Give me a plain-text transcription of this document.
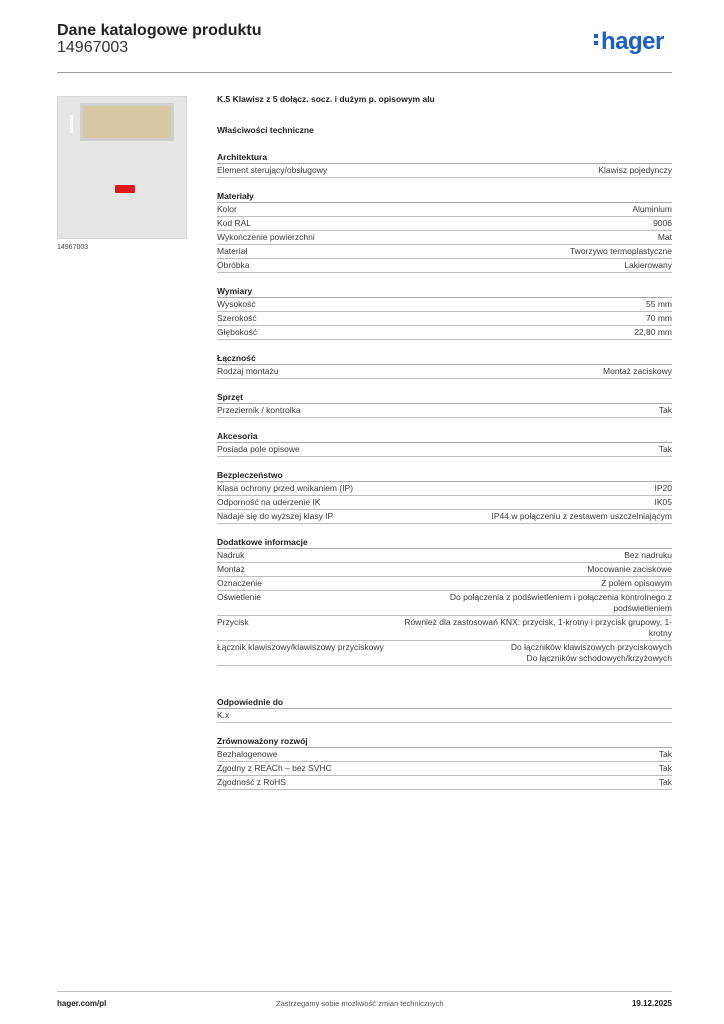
Dane katalogowe produktu
14967003	hager
14967003
K.5 Klawisz z 5 dołącz. socz. i dużym p. opisowym alu
Właściwości techniczne
Architektura
Element sterujący/obsługowy	Klawisz pojedynczy
Materiały
Kolor	Aluminium
Kod RAL	9006
Wykończenie powierzchni	Mat
Materiał	Tworzywo termoplastyczne
Obróbka	Lakierowany
Wymiary
Wysokość	55 mm
Szerokość	70 mm
Głębokość	22,80 mm
Łączność
Rodzaj montażu	Montaż zaciskowy
Sprzęt
Przeziernik / kontrolka	Tak
Akcesoria
Posiada pole opisowe	Tak
Bezpieczeństwo
Klasa ochrony przed wnikaniem (IP)	IP20
Odporność na uderzenie IK	IK05
Nadaje się do wyższej klasy IP	IP44 w połączeniu z zestawem uszczelniającym
Dodatkowe informacje
Nadruk	Bez nadruku
Montaż	Mocowanie zaciskowe
Oznaczenie	Z polem opisowym
Oświetlenie	Do połączenia z podświetleniem i połączenia kontrolnego z podświetleniem
Przycisk	Również dla zastosowań KNX: przycisk, 1-krotny i przycisk grupowy, 1-krotny
Łącznik klawiszowy/klawiszowy przyciskowy	Do łączników klawiszowych przyciskowych
Do łączników schodowych/krzyżowych
Odpowiednie do
K.x
Zrównoważony rozwój
Bezhalogenowe	Tak
Zgodny z REACh – bez SVHC	Tak
Zgodność z RoHS	Tak
hager.com/pl	Zastrzegamy sobie możliwość zmian technicznych	19.12.2025
